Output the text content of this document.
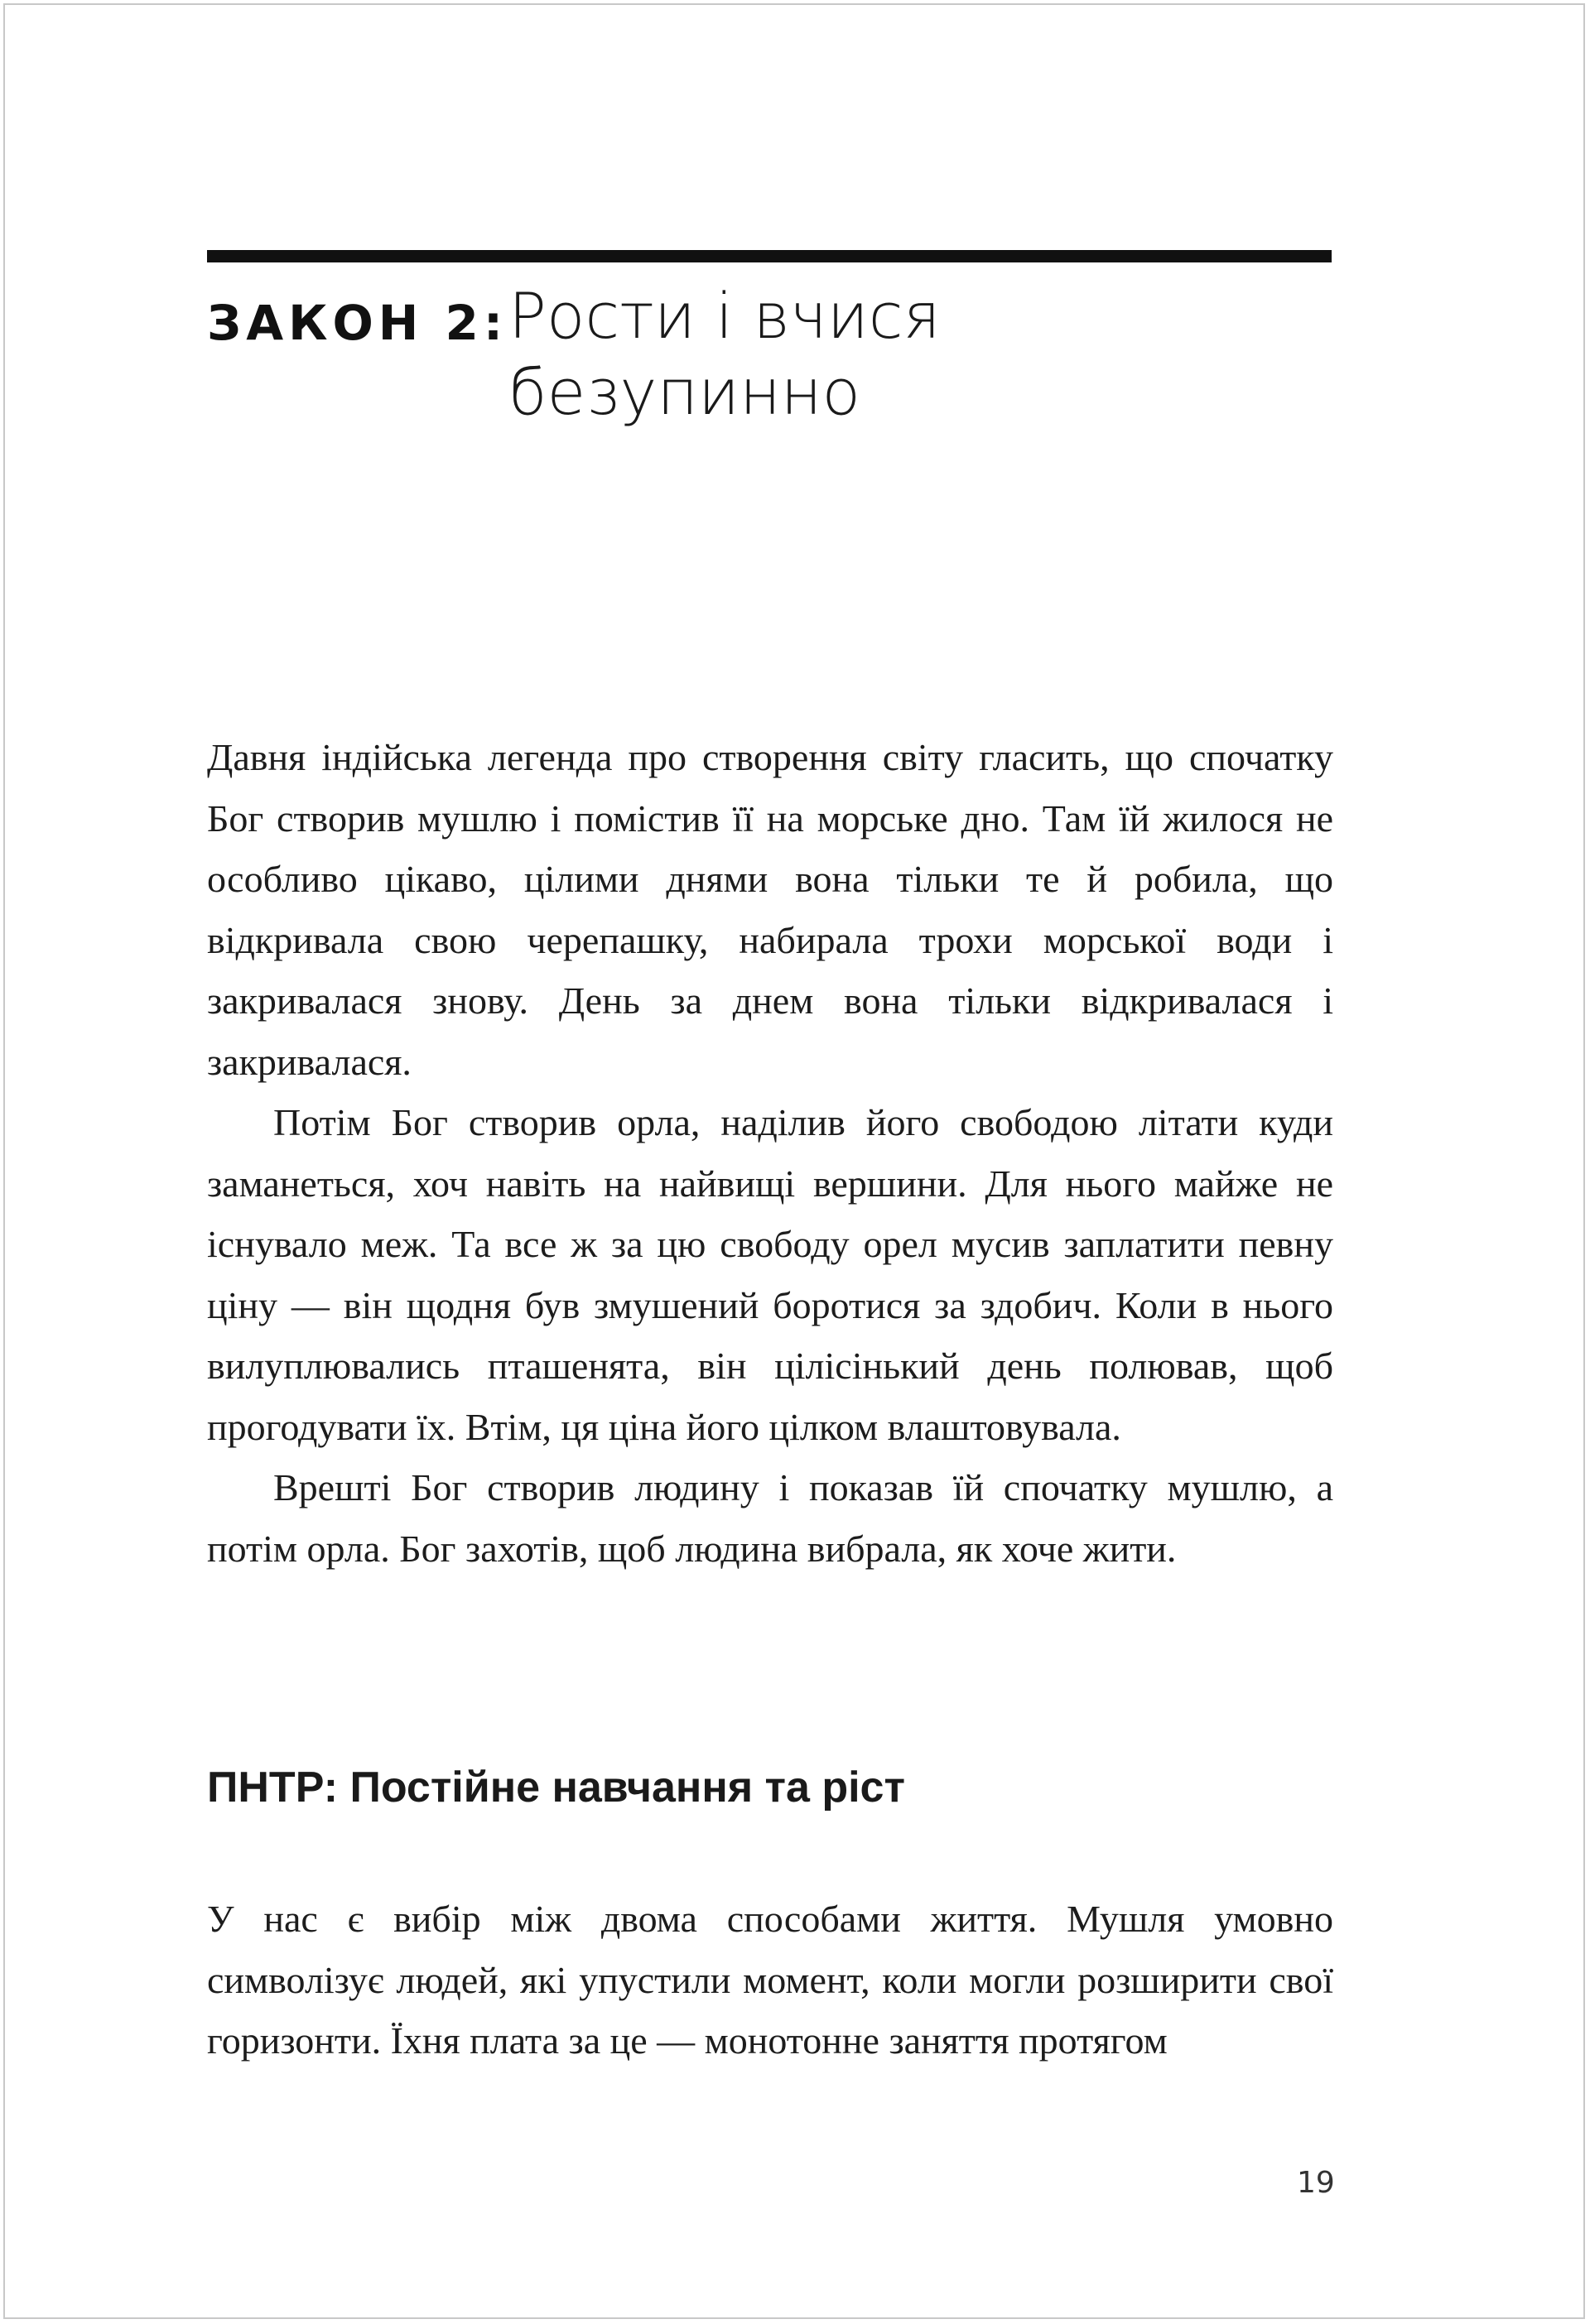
ЗАКОН 2: Рости і вчися
безупинно

Давня індійська легенда про створення світу гласить, що спочатку Бог створив мушлю і помістив її на морське дно. Там їй жилося не особливо цікаво, цілими днями вона тільки те й робила, що відкривала свою черепашку, набирала трохи морської води і закривалася знову. День за днем вона тільки відкривалася і закривалася.

Потім Бог створив орла, наділив його свободою літати куди заманеться, хоч навіть на найвищі вершини. Для нього майже не існувало меж. Та все ж за цю свободу орел мусив заплатити певну ціну — він щодня був змушений боротися за здобич. Коли в нього вилуплювались пташенята, він цілісінький день полював, щоб прогодувати їх. Втім, ця ціна його цілком влаштовувала.

Врешті Бог створив людину і показав їй спочатку мушлю, а потім орла. Бог захотів, щоб людина вибрала, як хоче жити.

ПНТР: Постійне навчання та ріст

У нас є вибір між двома способами життя. Мушля умовно символізує людей, які упустили момент, коли могли розширити свої горизонти. Їхня плата за це — монотонне заняття протягом

19
